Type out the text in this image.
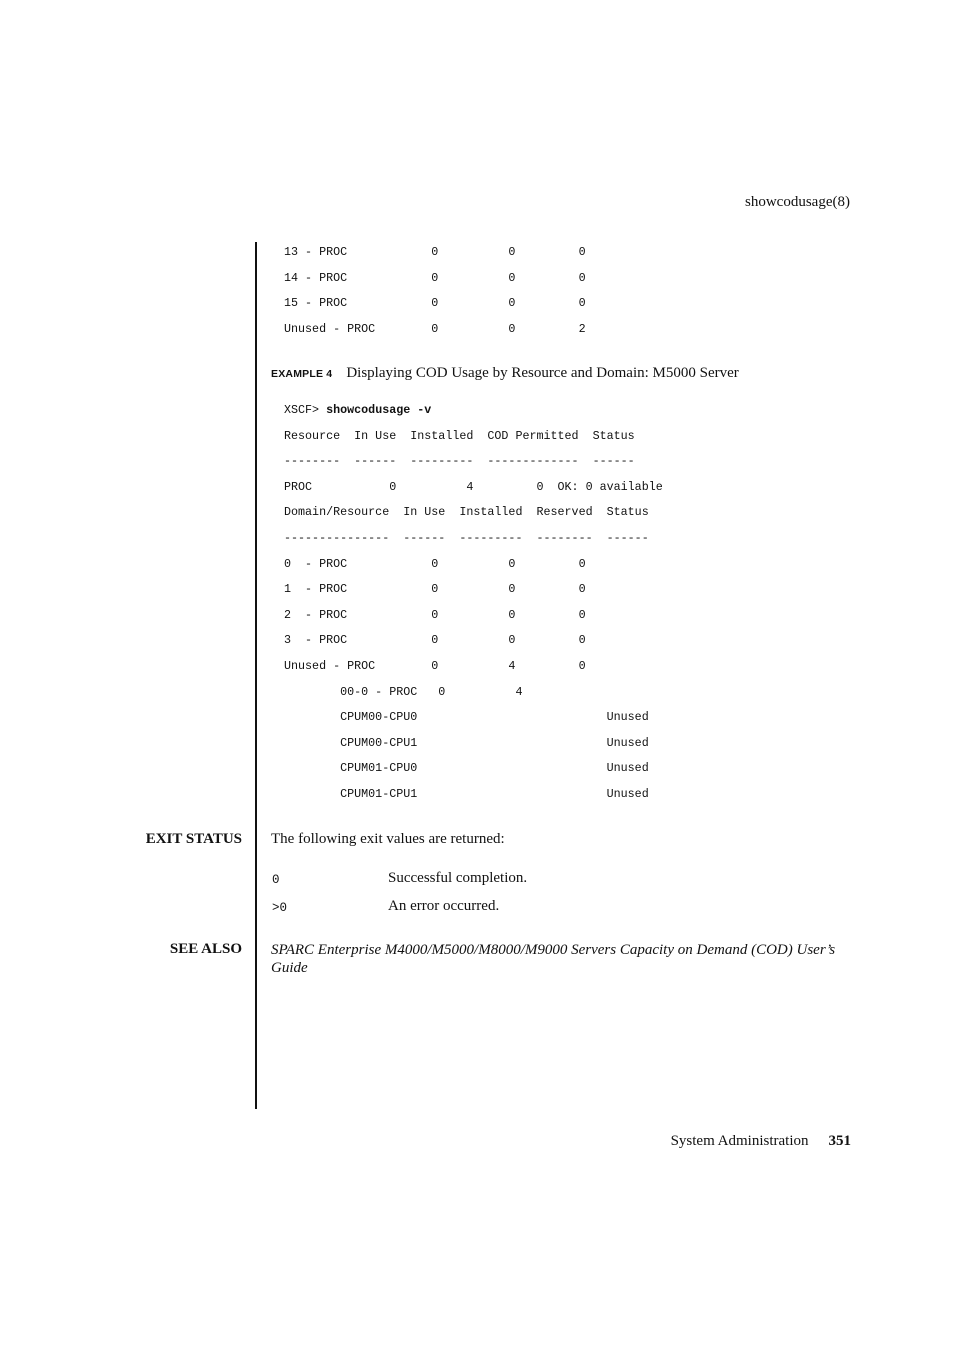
showcodusage(8)
13 - PROC            0          0         0
14 - PROC            0          0         0
15 - PROC            0          0         0
Unused - PROC        0          0         2
EXAMPLE 4 Displaying COD Usage by Resource and Domain: M5000 Server
XSCF> showcodusage -v
Resource  In Use  Installed  COD Permitted  Status
--------  ------  ---------  -------------  ------
PROC           0          4         0  OK: 0 available
Domain/Resource  In Use  Installed  Reserved  Status
---------------  ------  ---------  --------  ------
0  - PROC            0          0         0
1  - PROC            0          0         0
2  - PROC            0          0         0
3  - PROC            0          0         0
Unused - PROC        0          4         0
00-0 - PROC   0          4
CPUM00-CPU0                           Unused
CPUM00-CPU1                           Unused
CPUM01-CPU0                           Unused
CPUM01-CPU1                           Unused
EXIT STATUS The following exit values are returned:
0	Successful completion.
>0	An error occurred.
SEE ALSO SPARC Enterprise M4000/M5000/M8000/M9000 Servers Capacity on Demand (COD) User’s Guide
System Administration 351
